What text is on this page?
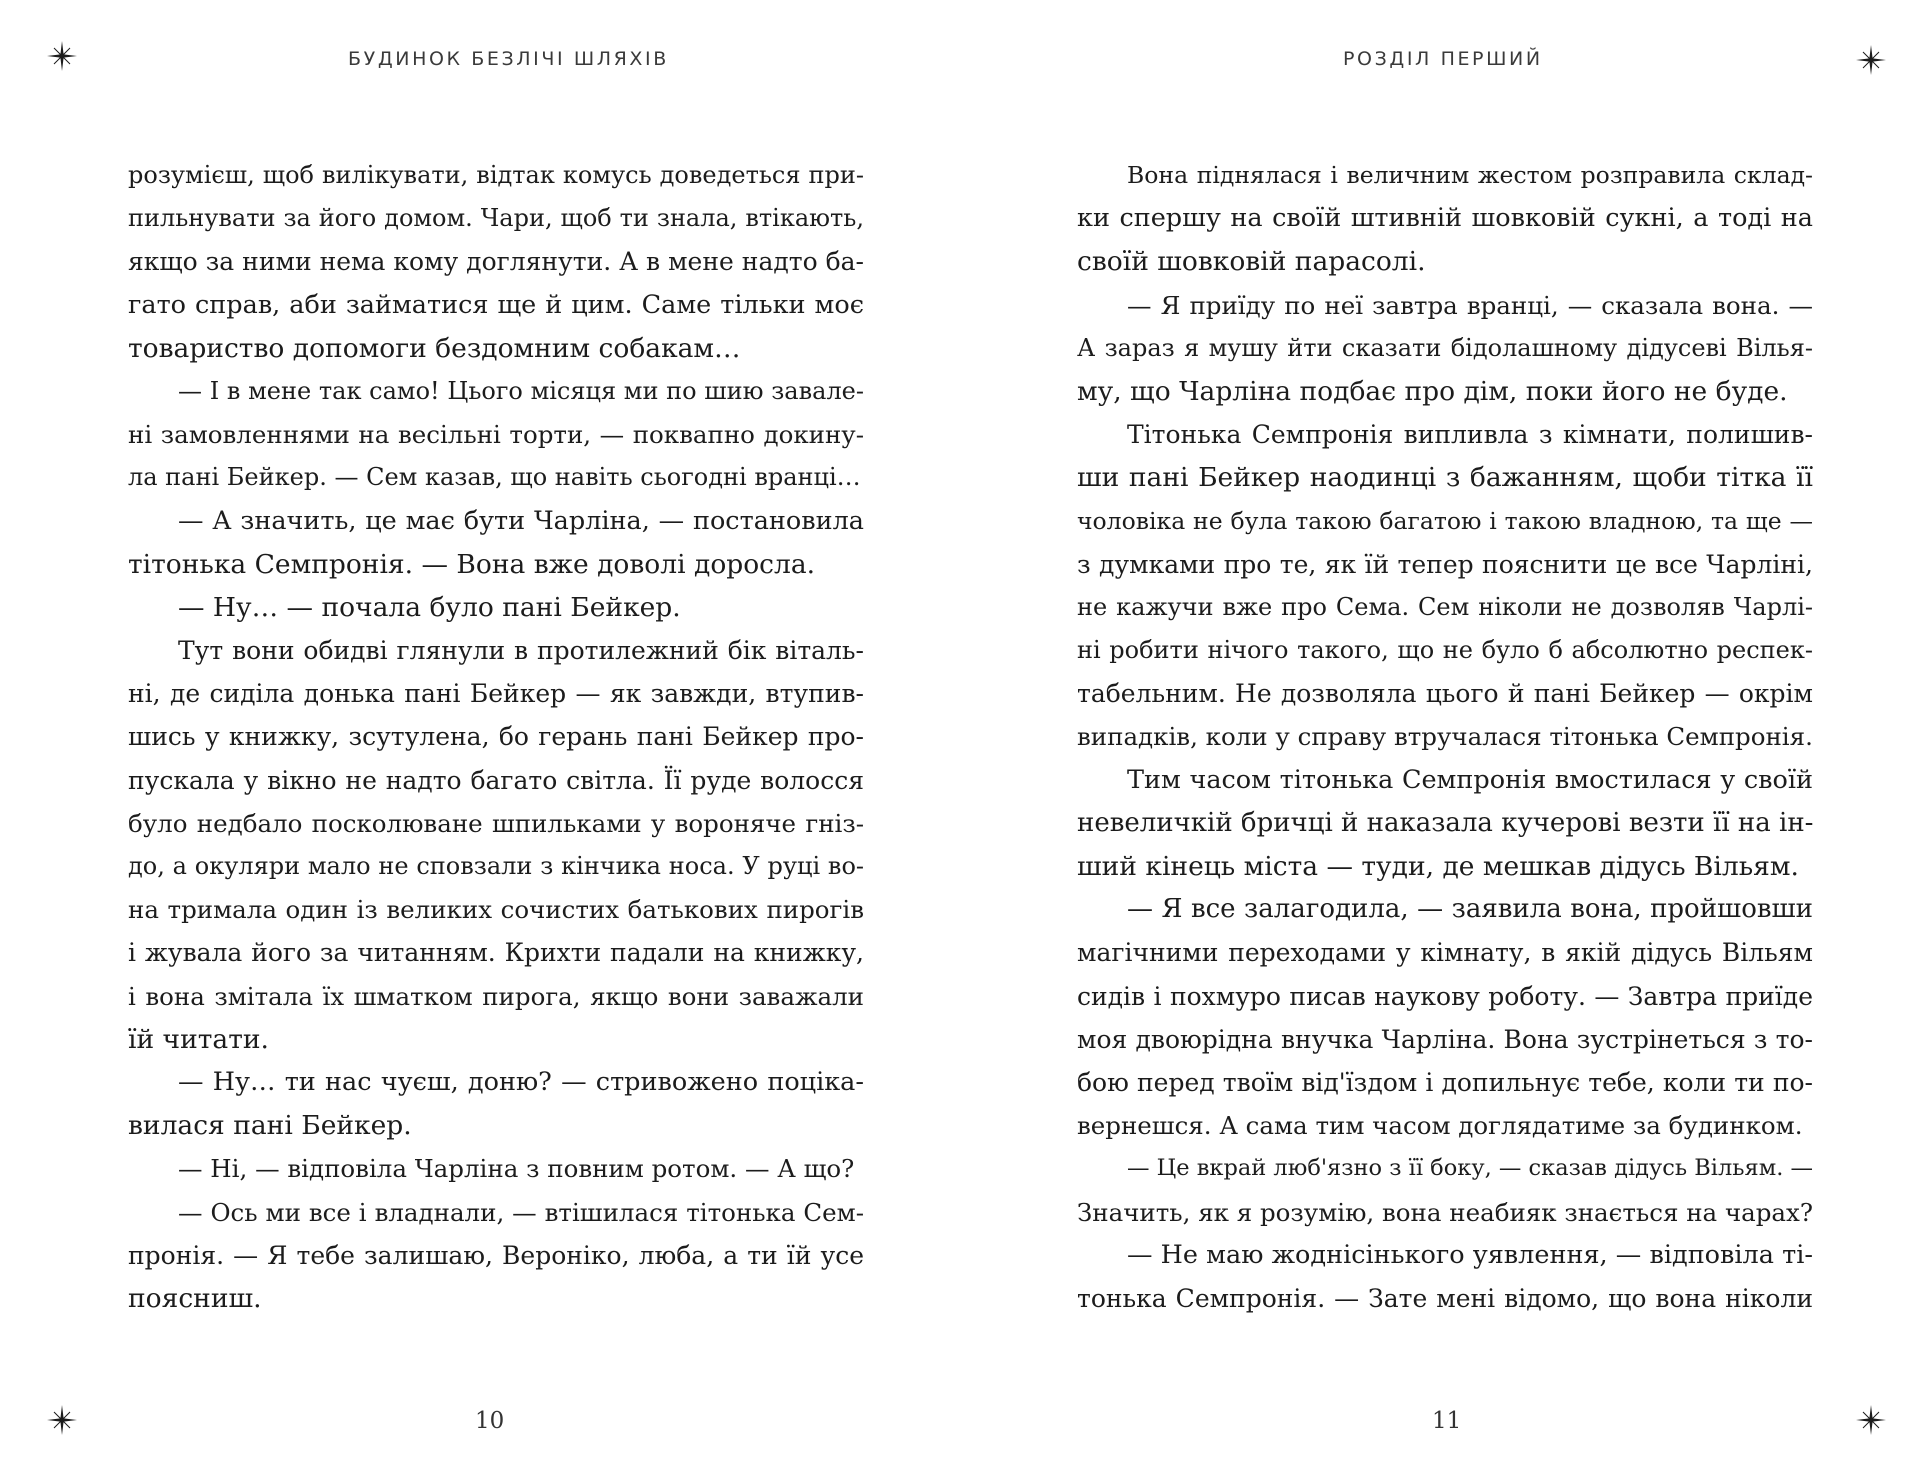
БУДИНОК БЕЗЛІЧІ ШЛЯХІВ
розумієш, щоб вилікувати, відтак комусь доведеться при-
пильнувати за його домом. Чари, щоб ти знала, втікають,
якщо за ними нема кому доглянути. А в мене надто ба-
гато справ, аби займатися ще й цим. Саме тільки моє
товариство допомоги бездомним собакам…
— І в мене так само! Цього місяця ми по шию завале-
ні замовленнями на весільні торти, — поквапно докину-
ла пані Бейкер. — Сем казав, що навіть сьогодні вранці…
— А значить, це має бути Чарліна, — постановила
тітонька Семпронія. — Вона вже доволі доросла.
— Ну… — почала було пані Бейкер.
Тут вони обидві глянули в протилежний бік віталь-
ні, де сиділа донька пані Бейкер — як завжди, втупив-
шись у книжку, зсутулена, бо герань пані Бейкер про-
пускала у вікно не надто багато світла. Її руде волосся
було недбало посколюване шпильками у вороняче гніз-
до, а окуляри мало не сповзали з кінчика носа. У руці во-
на тримала один із великих сочистих батькових пирогів
і жувала його за читанням. Крихти падали на книжку,
і вона змітала їх шматком пирога, якщо вони заважали
їй читати.
— Ну… ти нас чуєш, доню? — стривожено поціка-
вилася пані Бейкер.
— Ні, — відповіла Чарліна з повним ротом. — А що?
— Ось ми все і владнали, — втішилася тітонька Сем-
пронія. — Я тебе залишаю, Вероніко, люба, а ти їй усе
поясниш.
10
РОЗДІЛ ПЕРШИЙ
Вона піднялася і величним жестом розправила склад-
ки спершу на своїй штивній шовковій сукні, а тоді на
своїй шовковій парасолі.
— Я приїду по неї завтра вранці, — сказала вона. —
А зараз я мушу йти сказати бідолашному дідусеві Вілья-
му, що Чарліна подбає про дім, поки його не буде.
Тітонька Семпронія випливла з кімнати, полишив-
ши пані Бейкер наодинці з бажанням, щоби тітка її
чоловіка не була такою багатою і такою владною, та ще —
з думками про те, як їй тепер пояснити це все Чарліні,
не кажучи вже про Сема. Сем ніколи не дозволяв Чарлі-
ні робити нічого такого, що не було б абсолютно респек-
табельним. Не дозволяла цього й пані Бейкер — окрім
випадків, коли у справу втручалася тітонька Семпронія.
Тим часом тітонька Семпронія вмостилася у своїй
невеличкій бричці й наказала кучерові везти її на ін-
ший кінець міста — туди, де мешкав дідусь Вільям.
— Я все залагодила, — заявила вона, пройшовши
магічними переходами у кімнату, в якій дідусь Вільям
сидів і похмуро писав наукову роботу. — Завтра приїде
моя двоюрідна внучка Чарліна. Вона зустрінеться з то-
бою перед твоїм від'їздом і допильнує тебе, коли ти по-
вернешся. А сама тим часом доглядатиме за будинком.
— Це вкрай люб'язно з її боку, — сказав дідусь Вільям. —
Значить, як я розумію, вона неабияк знається на чарах?
— Не маю жоднісінького уявлення, — відповіла ті-
тонька Семпронія. — Зате мені відомо, що вона ніколи
11
